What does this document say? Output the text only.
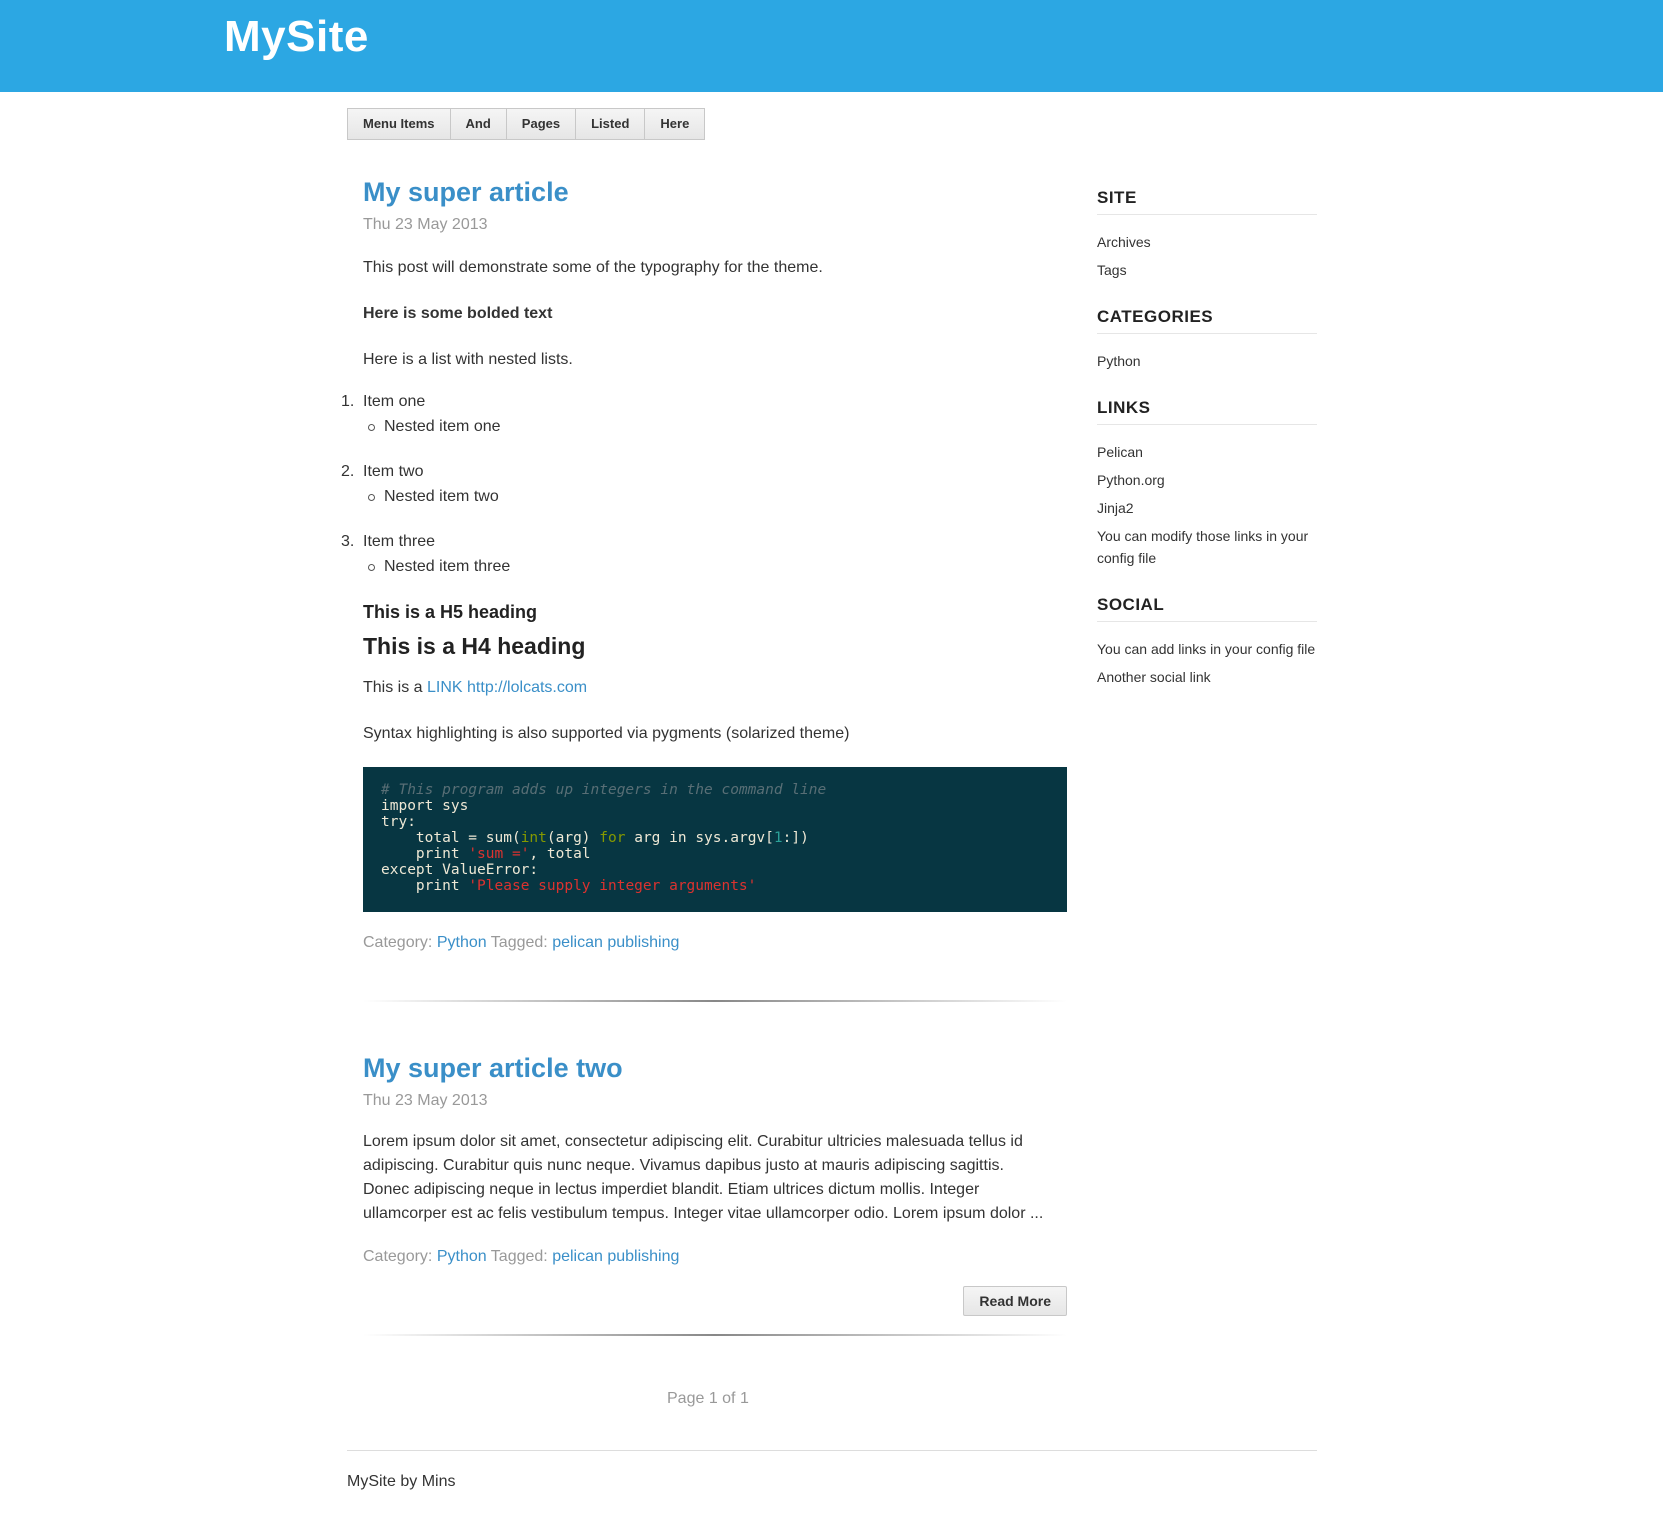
MySite
Menu Items	And	Pages	Listed	Here
My super article
Thu 23 May 2013

This post will demonstrate some of the typography for the theme.

Here is some bolded text

Here is a list with nested lists.

1. Item one
Nested item one
2. Item two
Nested item two
3. Item three
Nested item three
This is a H5 heading
This is a H4 heading

This is a LINK http://lolcats.com

Syntax highlighting is also supported via pygments (solarized theme)

# This program adds up integers in the command line
import sys
try:
total = sum(int(arg) for arg in sys.argv[1:])
print 'sum =', total
except ValueError:
print 'Please supply integer arguments'
Category: Python Tagged: pelican publishing
My super article two
Thu 23 May 2013

Lorem ipsum dolor sit amet, consectetur adipiscing elit. Curabitur ultricies malesuada tellus id adipiscing. Curabitur quis nunc neque. Vivamus dapibus justo at mauris adipiscing sagittis. Donec adipiscing neque in lectus imperdiet blandit. Etiam ultrices dictum mollis. Integer ullamcorper est ac felis vestibulum tempus. Integer vitae ullamcorper odio. Lorem ipsum dolor ...

Category: Python Tagged: pelican publishing
Read More
Page 1 of 1
MySite by Mins
SITE
Archives
Tags
CATEGORIES
Python
LINKS
Pelican
Python.org
Jinja2
You can modify those links in your config file
SOCIAL
You can add links in your config file
Another social link
